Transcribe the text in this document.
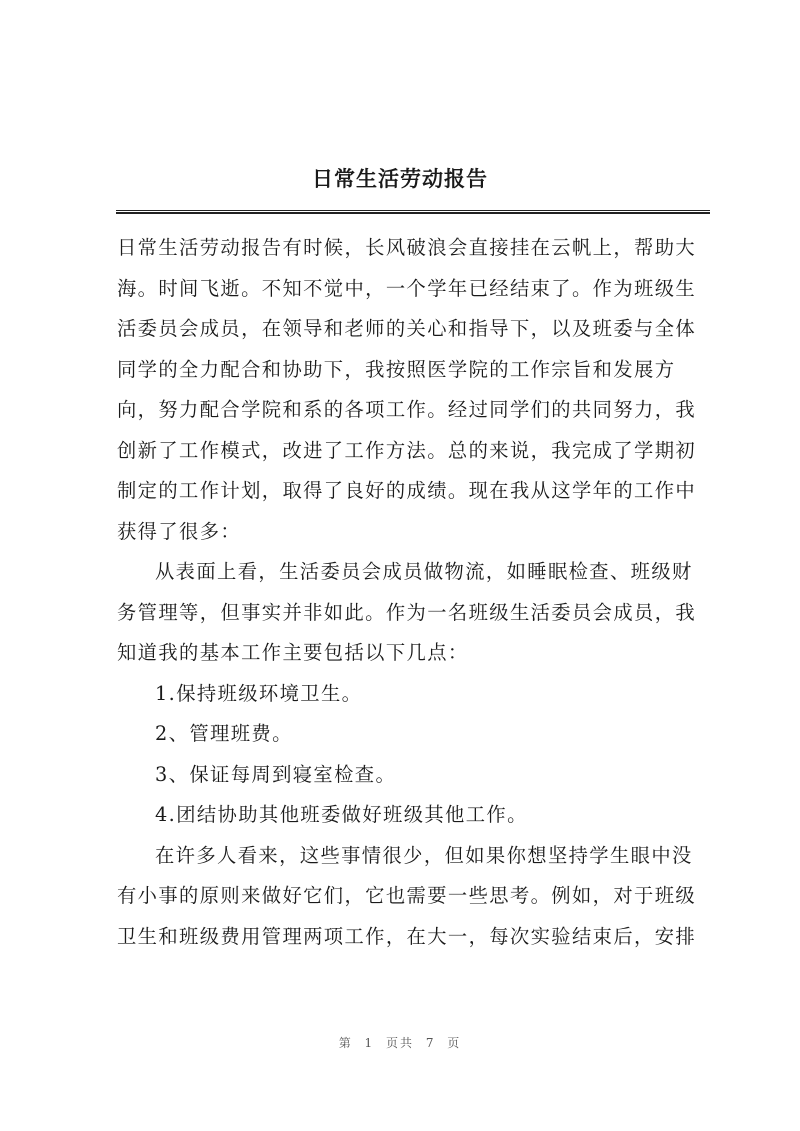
日常生活劳动报告
日常生活劳动报告有时候，长风破浪会直接挂在云帆上，帮助大
海。时间飞逝。不知不觉中，一个学年已经结束了。作为班级生
活委员会成员，在领导和老师的关心和指导下，以及班委与全体
同学的全力配合和协助下，我按照医学院的工作宗旨和发展方
向，努力配合学院和系的各项工作。经过同学们的共同努力，我
创新了工作模式，改进了工作方法。总的来说，我完成了学期初
制定的工作计划，取得了良好的成绩。现在我从这学年的工作中
获得了很多：
从表面上看，生活委员会成员做物流，如睡眠检查、班级财
务管理等，但事实并非如此。作为一名班级生活委员会成员，我
知道我的基本工作主要包括以下几点：
1.保持班级环境卫生。
2、管理班费。
3、保证每周到寝室检查。
4.团结协助其他班委做好班级其他工作。
在许多人看来，这些事情很少，但如果你想坚持学生眼中没
有小事的原则来做好它们，它也需要一些思考。例如，对于班级
卫生和班级费用管理两项工作，在大一，每次实验结束后，安排
第 1 页共 7 页
